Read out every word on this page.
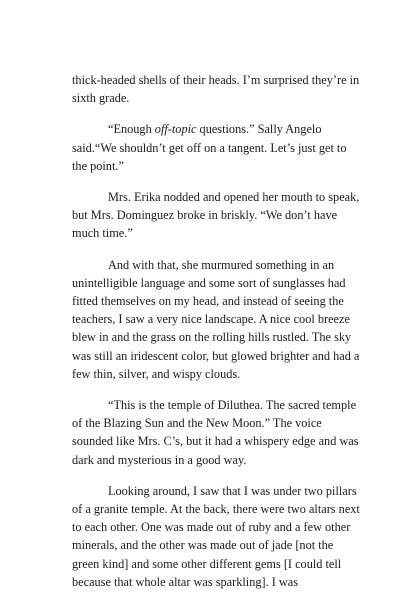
thick-headed shells of their heads. I’m surprised they’re in sixth grade.

“Enough off-topic questions.” Sally Angelo said.“We shouldn’t get off on a tangent. Let’s just get to the point.”

Mrs. Erika nodded and opened her mouth to speak, but Mrs. Dominguez broke in briskly. “We don’t have much time.”

And with that, she murmured something in an unintelligible language and some sort of sunglasses had fitted themselves on my head, and instead of seeing the teachers, I saw a very nice landscape. A nice cool breeze blew in and the grass on the rolling hills rustled. The sky was still an iridescent color, but glowed brighter and had a few thin, silver, and wispy clouds.

“This is the temple of Diluthea. The sacred temple of the Blazing Sun and the New Moon.” The voice sounded like Mrs. C’s, but it had a whispery edge and was dark and mysterious in a good way.

Looking around, I saw that I was under two pillars of a granite temple. At the back, there were two altars next to each other. One was made out of ruby and a few other minerals, and the other was made out of jade [not the green kind] and some other different gems [I could tell because that whole altar was sparkling]. I was
